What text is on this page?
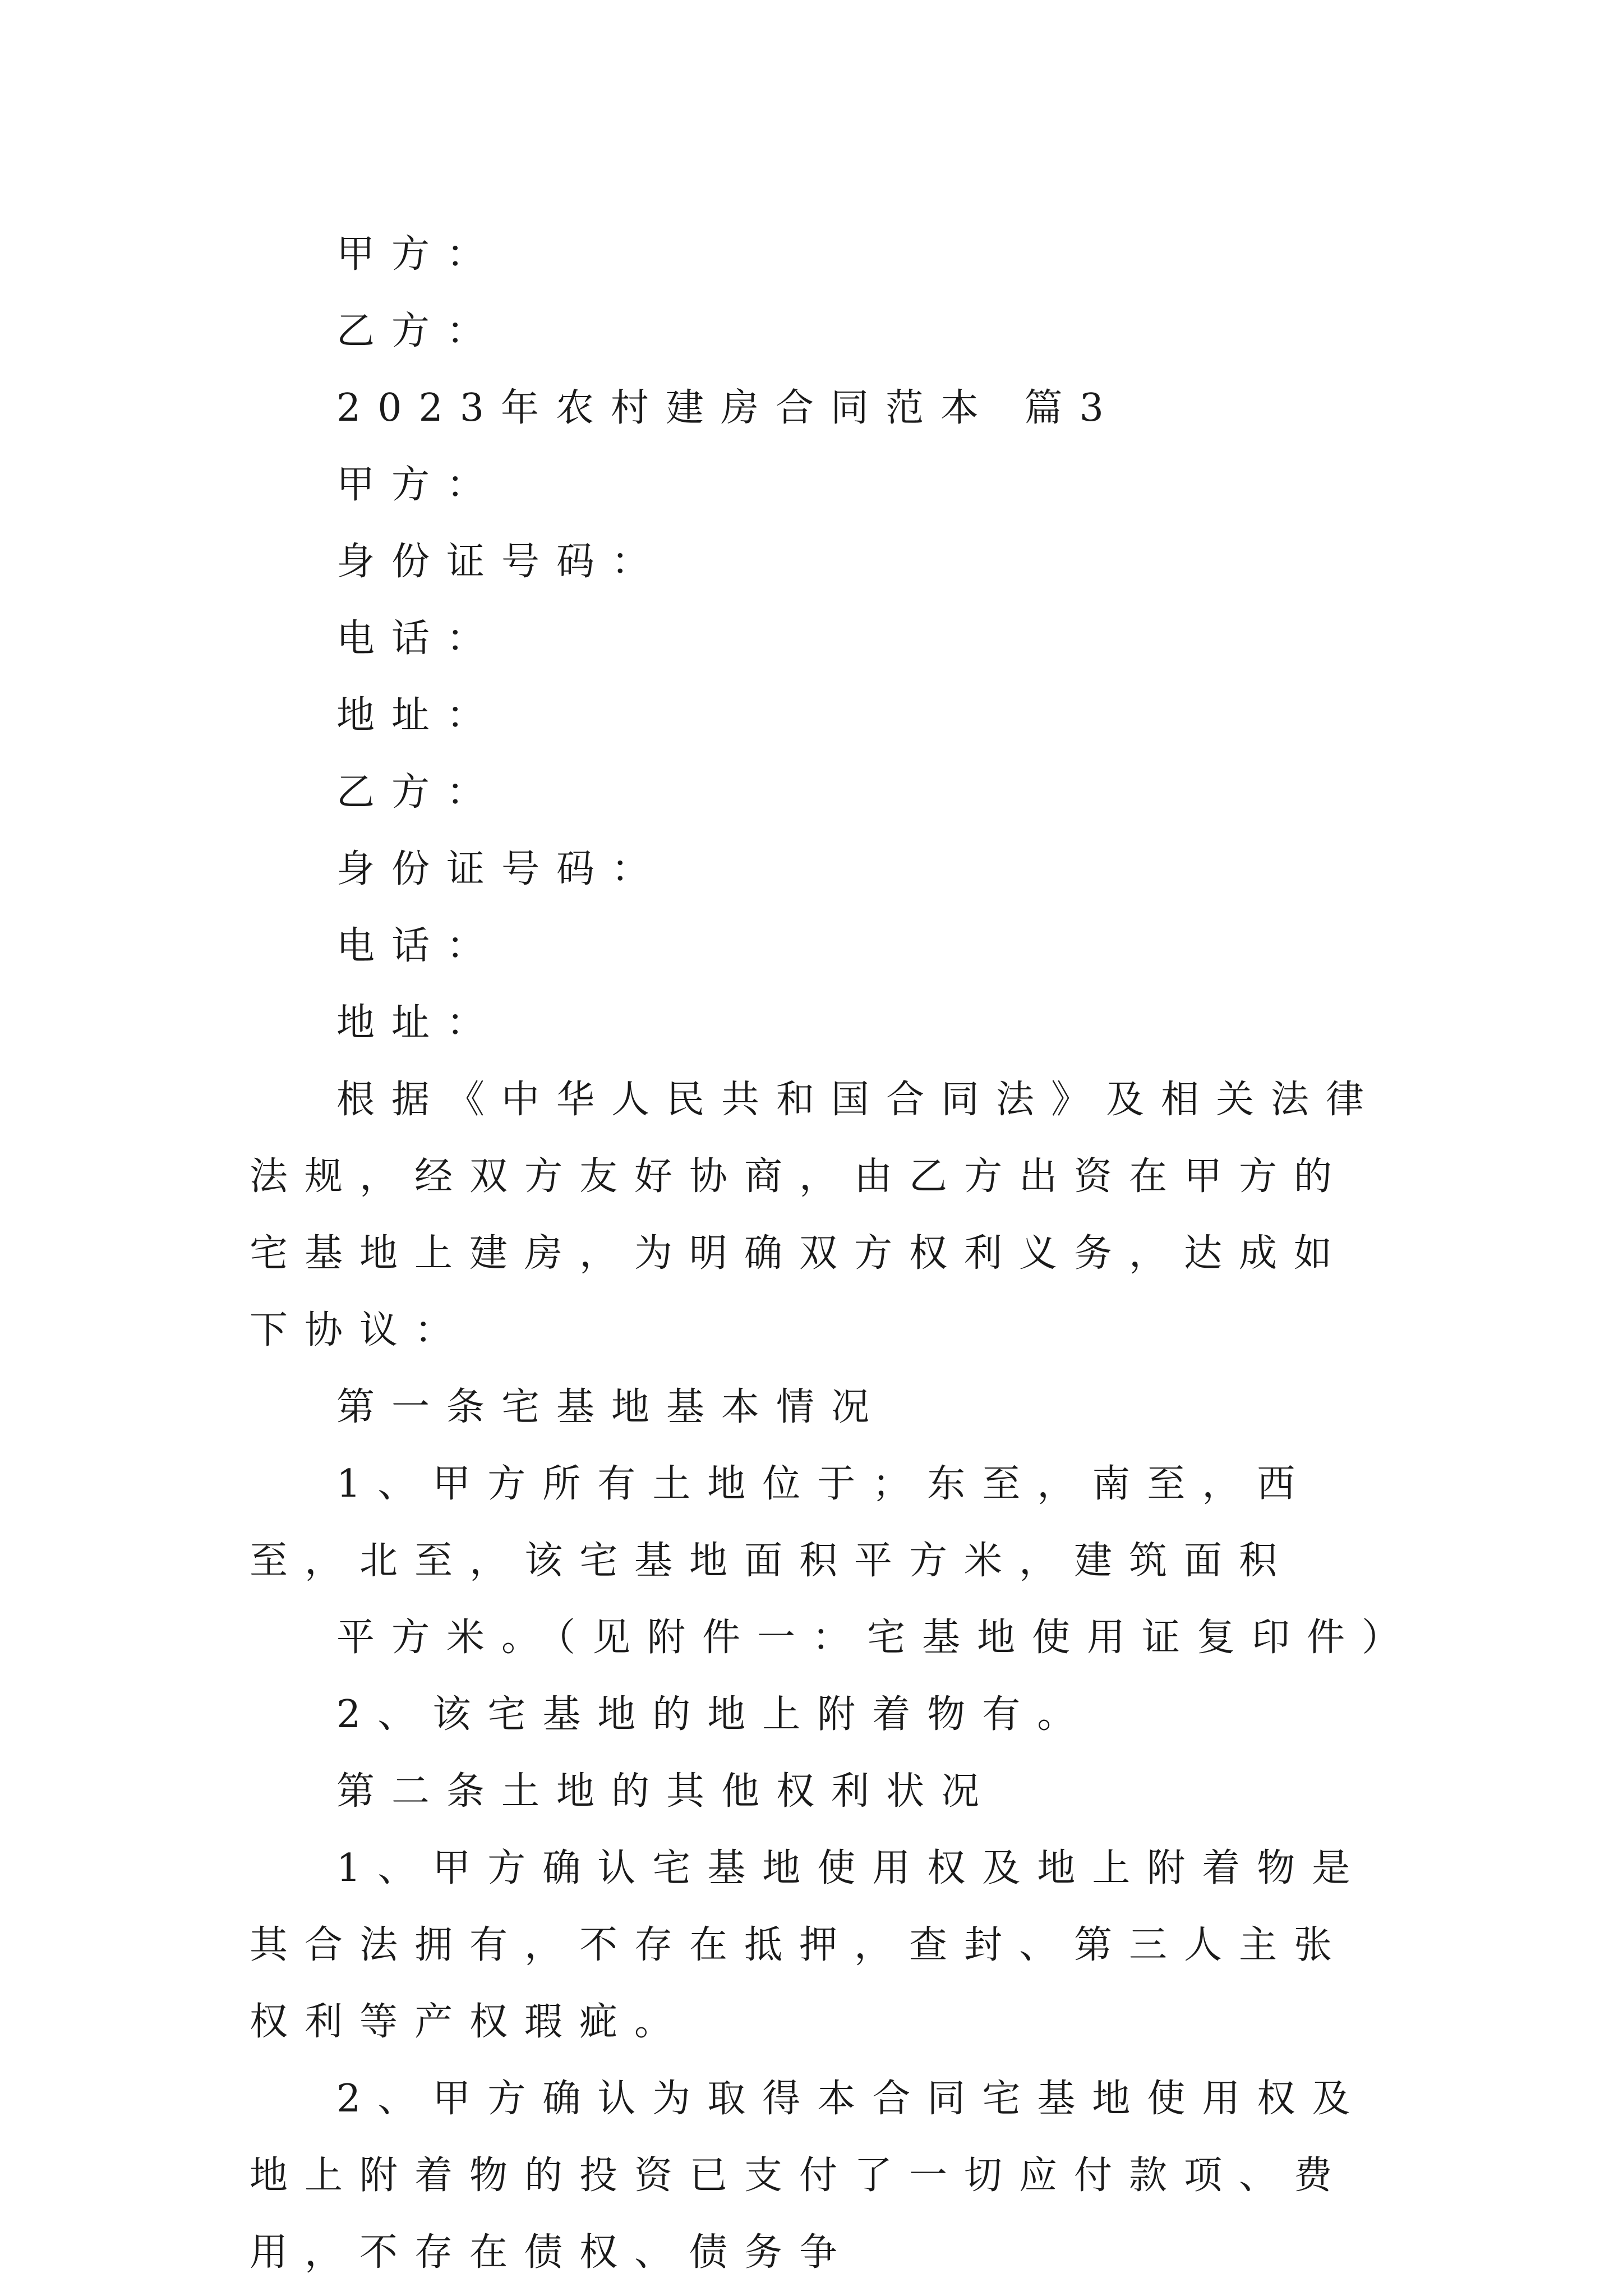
甲方：
乙方：
2023年农村建房合同范本 篇3
甲方：
身份证号码：
电话：
地址：
乙方：
身份证号码：
电话：
地址：
根据《中华人民共和国合同法》及相关法律法规，经双方友好协商，由乙方出资在甲方的宅基地上建房，为明确双方权利义务，达成如下协议：
第一条宅基地基本情况
1、甲方所有土地位于；东至，南至，西至，北至，该宅基地面积平方米，建筑面积
平方米。（见附件一：宅基地使用证复印件）
2、该宅基地的地上附着物有。
第二条土地的其他权利状况
1、甲方确认宅基地使用权及地上附着物是其合法拥有，不存在抵押，查封、第三人主张权利等产权瑕疵。
2、甲方确认为取得本合同宅基地使用权及地上附着物的投资已支付了一切应付款项、费用，不存在债权、债务争
